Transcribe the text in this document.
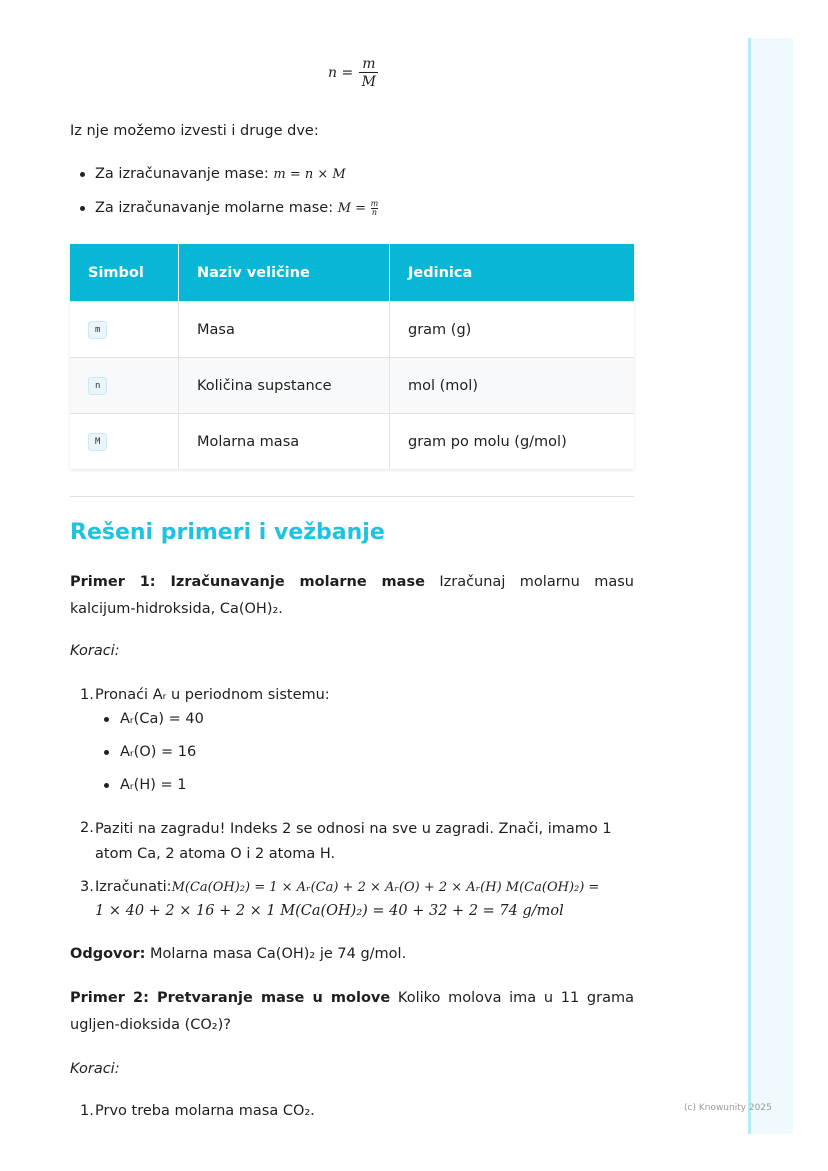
$n = \frac{m}{M}$
Iz nje možemo izvesti i druge dve:
Za izračunavanje mase: m = n × M
Za izračunavanje molarne mase: $M = \frac{m}{n}$
Simbol	Naziv veličine	Jedinica
m	Masa	gram (g)
n	Količina supstance	mol (mol)
M	Molarna masa	gram po molu (g/mol)
Rešeni primeri i vežbanje
Primer 1: Izračunavanje molarne mase Izračunaj molarnu masu kalcijum-hidroksida, Ca(OH)₂.
Koraci:
1. Pronaći Aᵣ u periodnom sistemu:
Aᵣ(Ca) = 40
Aᵣ(O) = 16
Aᵣ(H) = 1
2. Paziti na zagradu! Indeks 2 se odnosi na sve u zagradi. Znači, imamo 1 atom Ca, 2 atoma O i 2 atoma H.
3. Izračunati:M(Ca(OH)₂) = 1 × Aᵣ(Ca) + 2 × Aᵣ(O) + 2 × Aᵣ(H) M(Ca(OH)₂) =
1 × 40 + 2 × 16 + 2 × 1 M(Ca(OH)₂) = 40 + 32 + 2 = 74 g/mol
Odgovor: Molarna masa Ca(OH)₂ je 74 g/mol.
Primer 2: Pretvaranje mase u molove Koliko molova ima u 11 grama ugljen-dioksida (CO₂)?
Koraci:
1. Prvo treba molarna masa CO₂.	(c) Knowunity 2025
